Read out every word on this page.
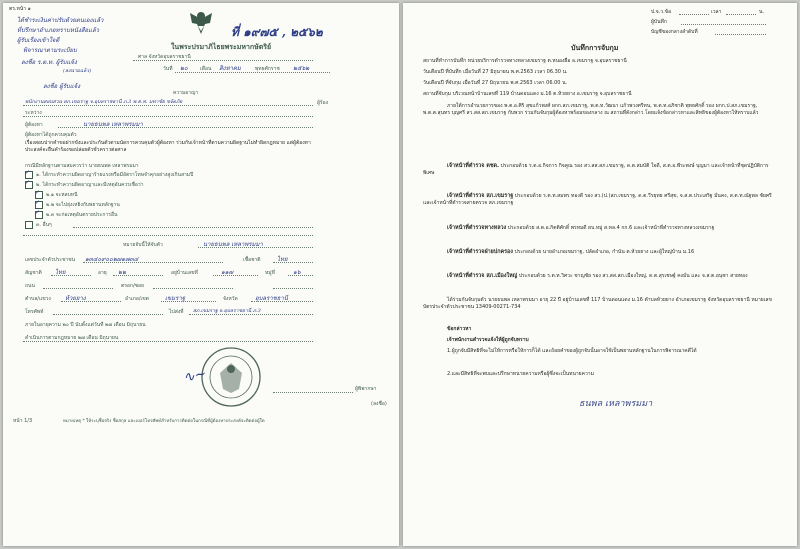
ตร.หน้า ๑
ได้ชำระเงินค่าปรับด้วยตนเองแล้ว
ที่ปรึกษาอำเภอทราบหนังสือแล้ว
ผู้รับเรื่องเข้าใจดี
พิจารณาตามระเบียบ
ลงชื่อ ร.ต.ท. ผู้รับแจ้ง
(ลงนามแล้ว)
ที่ ๑๙๗๕ , ๒๕๖๒
ในพระปรมาภิไธยพระมหากษัตริย์
ศาล จังหวัดอุบลราชธานี
วันที่ ๒๐ เดือน สิงหาคม	พุทธศักราช ๒๕๖๒
ลงชื่อ ผู้รับแจ้ง
ความอาญา
พนักงานสอบสวน สภ.เขมราฐ จ.อุบลราชธานี ภ.3 พ.ต.ท. มหาชัย ขจัดภัย	ผู้ร้อง
ระหว่าง
ผู้ต้องหา	นายธนพล เหลาพรมมา
ผู้ต้องหาได้ถูกควบคุมตัว
เรื่องสอบปากคำขอฝากขังและประกันตัวตามนัดการควบคุมตัวผู้ต้องหา ร่วมกับเจ้าหน้าที่ตามความผิดฐานไม่ทำผิดกฎหมาย แต่ผู้ต้องหาประสงค์จะยื่นคำร้องขอปล่อยตัวชั่วคราวต่อศาล
กรณีมีหลักฐานตามสมควรว่า นายธนพล เหลาพรมมา
✓ ๑. ได้กระทำความผิดอาญาร้ายแรงหรือมีอัตราโทษจำคุกอย่างสูงเกินสามปี
✓ ๒. ได้กระทำความผิดอาญาและมีเหตุอันควรเชื่อว่า
✓ ๒.๑ จะหลบหนี
✓ ๒.๒ จะไปยุ่งเหยิงกับพยานหลักฐาน
✓ ๒.๓ จะก่อเหตุอันตรายประการอื่น
๓. อื่นๆ
หมายจับนี้ให้จับตัว	นายธนพล เหลาพรมมา
เลขประจำตัวประชาชน ๑๓๔๐๙๐๐๒๗๑๗๓๔	เชื้อชาติ	ไทย
สัญชาติ ไทย	อายุ ๒๒	อยู่บ้านเลขที่	๑๑๗	หมู่ที่	๑๖
ถนน	ตรอก/ซอย
ตำบล/แขวง ห้วยยาง	อำเภอ/เขต	เขมราฐ	จังหวัด	อุบลราชธานี
โทรศัพท์	ไปส่งที่ สภ.เขมราฐ จ.อุบลราชธานี ภ.3
ภายในอายุความ ๒๐ ปี นับตั้งแต่วันที่ ๒๗ เดือน มิถุนายน
ดำเนินการตามกฎหมาย ๒๗ เดือน มิถุนายน
∿∼
ผู้พิพากษา
(ลงชื่อ)
หน้า 1/3	หมายเหตุ * ให้ระบุชื่อจริง ชื่อสกุล และเบอร์โทรศัพท์สำหรับการติดต่อในกรณีที่ผู้ต้องหาประสงค์จะติดต่อผู้ใด
ป.จ.ว.ข้อ	เวลา	น.
ผู้บันทึก
บัญชีของกลางลำดับที่
บันทึกการจับกุม
สถานที่ทำการบันทึก หน่วยบริการตำรวจทางหลวงเขมราฐ ต.หนองผือ อ.เขมราฐ จ.อุบลราชธานี
วันเดือนปี ที่บันทึก เมื่อวันที่ 27 มิถุนายน พ.ศ.2563 เวลา 06.30 น.
วันเดือนปี ที่จับกุม เมื่อวันที่ 27 มิถุนายน พ.ศ.2563 เวลา 06.00 น.
สถานที่จับกุม บริเวณหน้าบ้านเลขที่ 119 บ้านดอนแดง ม.16 ต.ห้วยยาง อ.เขมราฐ จ.อุบลราชธานี
ภายใต้การอำนวยการของ พ.ต.อ.ศิริ สุขแก้วพงศ์ ผกก.สภ.เขมราฐ, พ.ต.ท.วัฒนา แก้วพวงศรีทน, พ.ต.ท.อภิชาติ พุทธศักดิ์ รอง ผกก.ป.สภ.เขมราฐ, พ.ต.ต.สุนทร บุญศรี สว.สส.สภ.เขมราฐ กับพวก ร่วมกันจับกุมผู้ต้องหาพร้อมของกลาง ณ สถานที่ดังกล่าว โดยแจ้งข้อกล่าวหาและสิทธิของผู้ต้องหาให้ทราบแล้ว
เจ้าหน้าที่ตำรวจ ตชด. ประกอบด้วย ร.ต.อ.กิจการ กิจคูณ รอง สว.สส.สภ.เขมราฐ, ด.ต.สมบัติ ใจดี, ส.ต.อ.พีระพงษ์ บุญมา และเจ้าหน้าที่ชุดปฏิบัติการพิเศษ
เจ้าหน้าที่ตำรวจ สภ.เขมราฐ ประกอบด้วย ร.ต.ท.สมพร ทองดี รอง สว.(ป.)สภ.เขมราฐ, ด.ต.วีรยุทธ ศรีสุข, จ.ส.ต.ประเสริฐ มั่นคง, ส.ต.ท.ณัฐพล ชัยศรี และเจ้าหน้าที่ตำรวจสายตรวจ สภ.เขมราฐ
เจ้าหน้าที่ตำรวจทางหลวง ประกอบด้วย ส.ต.อ.กิตติศักดิ์ พรหมดี ผบ.หมู่ ส.ทล.4 กก.6 และเจ้าหน้าที่ตำรวจทางหลวงเขมราฐ
เจ้าหน้าที่ตำรวจฝ่ายปกครอง ประกอบด้วย นายอำเภอเขมราฐ, ปลัดอำเภอ, กำนัน ต.ห้วยยาง และผู้ใหญ่บ้าน ม.16
เจ้าหน้าที่ตำรวจ สภ.เมืองใหญ่ ประกอบด้วย ร.ต.ท.วิศวะ ชาญชัย รอง สว.สส.สภ.เมืองใหญ่, ด.ต.สุรเชษฐ์ คงมั่น และ จ.ส.ต.อนุชา สายทอง
ได้ร่วมกันจับกุมตัว นายธนพล เหลาพรมมา อายุ 22 ปี อยู่บ้านเลขที่ 117 บ้านดอนแดง ม.16 ตำบลห้วยยาง อำเภอเขมราฐ จังหวัดอุบลราชธานี หมายเลขบัตรประจำตัวประชาชน 13409-00271-734
ข้อกล่าวหา
เจ้าพนักงานตำรวจแจ้งให้ผู้ถูกจับทราบ
1.ผู้ถูกจับมีสิทธิที่จะไม่ให้การหรือให้การก็ได้ และถ้อยคำของผู้ถูกจับนั้นอาจใช้เป็นพยานหลักฐานในการพิจารณาคดีได้
2.และมีสิทธิที่จะพบและปรึกษาทนายความหรือผู้ซึ่งจะเป็นทนายความ
ธนพล เหลาพรมมา
